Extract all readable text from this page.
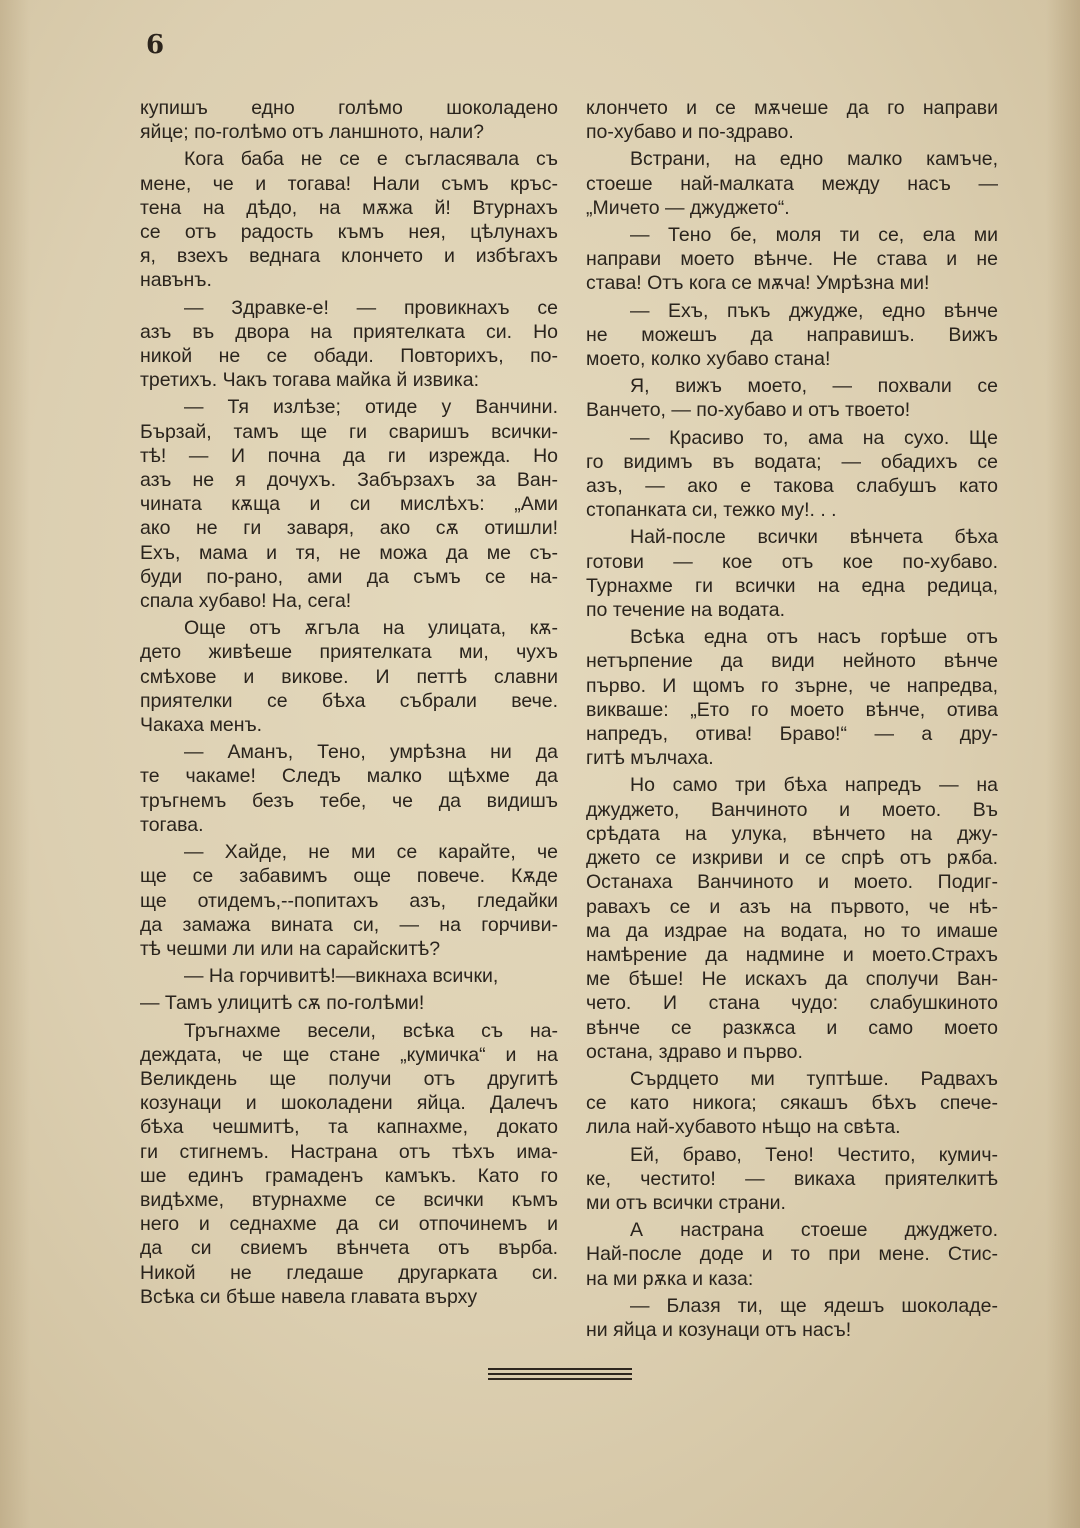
6
купишъ едно голѣмо шоколадено
яйце; по-голѣмо отъ ланшното, нали?
Кога баба не се е съгласявала съ
мене, че и тогава! Нали съмъ кръс-
тена на дѣдо, на мѫжа й! Втурнахъ
се отъ радость къмъ нея, цѣлунахъ
я, взехъ веднага клончето и избѣгахъ
навънъ.
— Здравке-е! — провикнахъ се
азъ въ двора на приятелката си. Но
никой не се обади. Повторихъ, по-
третихъ. Чакъ тогава майка й извика:
— Тя излѣзе; отиде у Ванчини.
Бързай, тамъ ще ги свaришъ всички-
тѣ! — И почна да ги изрежда. Но
азъ не я дочухъ. Забързахъ за Ван-
чината кѫща и си мислѣхъ: „Ами
ако не ги заваря, ако сѫ отишли!
Ехъ, мама и тя, не можа да ме съ-
буди по-рано, ами да съмъ се на-
спала хубаво! На, сега!
Още отъ ѫгъла на улицата, кѫ-
дето живѣеше приятелката ми, чухъ
смѣхове и викове. И петтѣ славни
приятелки се бѣха събрали вече.
Чакаха менъ.
— Аманъ, Тено, умрѣзна ни да
те чакаме! Следъ малко щѣхме да
тръгнемъ безъ тебе, че да видишъ
тогава.
— Хайде, не ми се карайте, че
ще се забавимъ още повече. Кѫде
ще отидемъ,--попитахъ азъ, гледайки
да замажа вината си, — на горчиви-
тѣ чешми ли или на сарайскитѣ?
— На горчивитѣ!—викнаха всички,
— Тамъ улицитѣ сѫ по-голѣми!
Тръгнахме весели, всѣка съ на-
деждата, че ще стане „кумичка“ и на
Великдень ще получи отъ другитѣ
козунаци и шоколадени яйца. Далечъ
бѣха чешмитѣ, та капнахме, докато
ги стигнемъ. Настрана отъ тѣхъ има-
ше единъ грамаденъ камъкъ. Като го
видѣхме, втурнахме се всички къмъ
него и седнахме да си отпочинемъ и
да си свиемъ вѣнчета отъ върба.
Никой не гледаше другарката си.
Всѣка си бѣше навела главата върху
клончето и се мѫчеше да го направи
по-хубаво и по-здраво.
Встрани, на едно малко камъче,
стоеше най-малката между насъ —
„Мичето — джуджето“.
— Тено бе, моля ти се, ела ми
направи моето вѣнче. Не става и не
става! Отъ кога се мѫча! Умрѣзна ми!
— Ехъ, пъкъ джудже, едно вѣнче
не можешъ да направишъ. Вижъ
моето, колко хубаво стана!
Я, вижъ моето, — похвали се
Ванчето, — по-хубаво и отъ твоето!
— Красиво то, ама на сухо. Ще
го видимъ въ водата; — обадихъ се
азъ, — ако е такова слабушъ като
стопанката си, тежко му!. . .
Най-после всички вѣнчета бѣха
готови — кое отъ кое по-хубаво.
Турнахме ги всички на една редица,
по течение на водата.
Всѣка една отъ насъ горѣше отъ
нетърпение да види нейното вѣнче
първо. И щомъ го зърне, че напредва,
викваше: „Ето го моето вѣнче, отива
напредъ, отива! Браво!“ — а дру-
гитѣ мълчаха.
Но само три бѣха напредъ — на
джуджето, Ванчиното и моето. Въ
срѣдата на улука, вѣнчето на джу-
джето се изкриви и се спрѣ отъ рѫба.
Останаха Ванчиното и моето. Подиг-
равахъ се и азъ на първото, че нѣ-
ма да издрае на водата, но то имаше
намѣрение да надмине и моето.Страхъ
ме бѣше! Не искахъ да сполучи Ван-
чето. И стана чудо: слабушкиното
вѣнче се разкѫса и само моето
остана, здраво и първо.
Сърдцето ми туптѣше. Радвахъ
се като никога; сякашъ бѣхъ спече-
лила най-хубавото нѣщо на свѣта.
Ей, браво, Тено! Честито, кумич-
ке, честито! — викаха приятелкитѣ
ми отъ всички страни.
А настрана стоеше джуджето.
Най-после доде и то при мене. Стис-
на ми рѫка и каза:
— Блазя ти, ще ядешъ шоколаде-
ни яйца и козунаци отъ насъ!
